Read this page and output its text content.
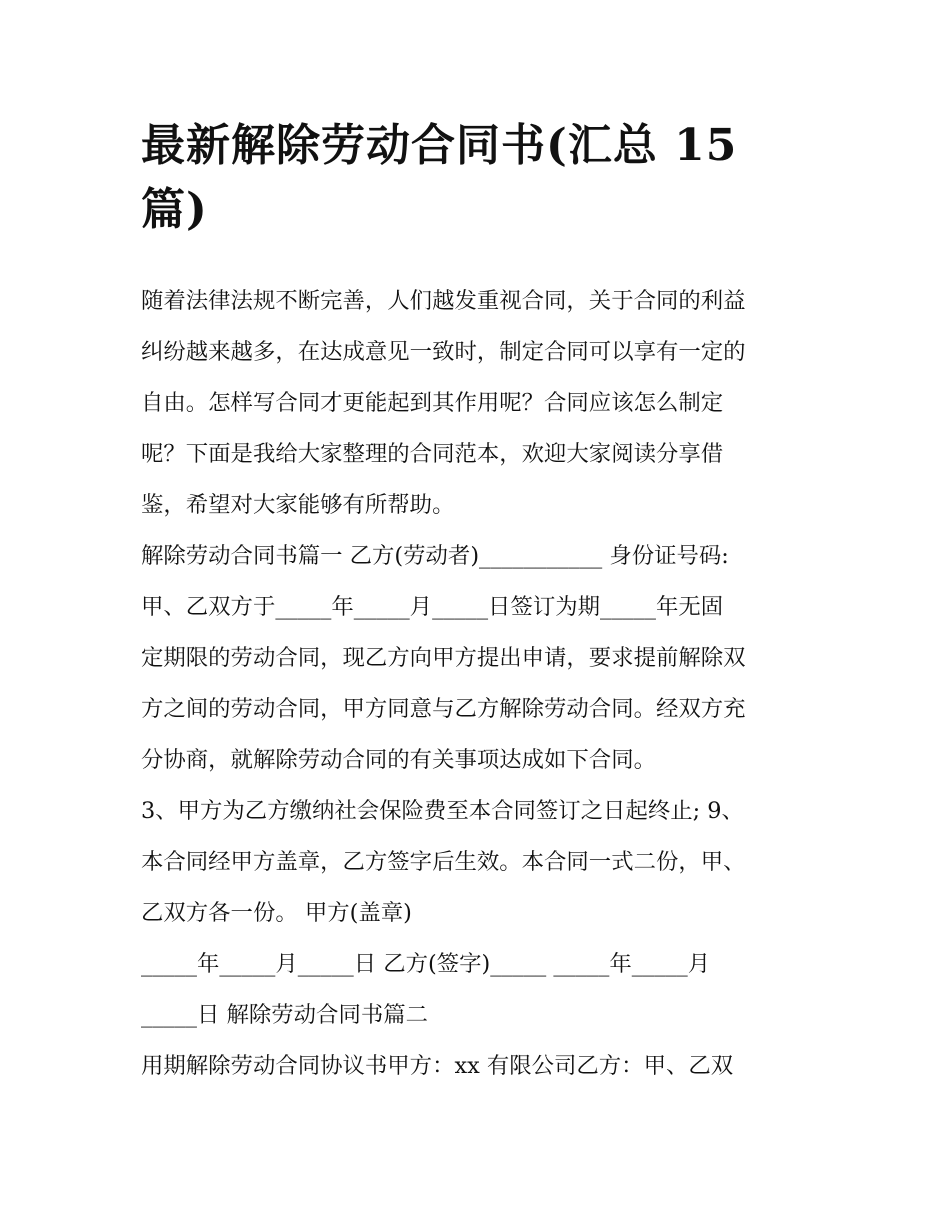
最新解除劳动合同书(汇总 15
篇)
随着法律法规不断完善，人们越发重视合同，关于合同的利益
纠纷越来越多，在达成意见一致时，制定合同可以享有一定的
自由。怎样写合同才更能起到其作用呢？合同应该怎么制定
呢？下面是我给大家整理的合同范本，欢迎大家阅读分享借
鉴，希望对大家能够有所帮助。
解除劳动合同书篇一 乙方(劳动者)___________ 身份证号码:
甲、乙双方于_____年_____月_____日签订为期_____年无固
定期限的劳动合同，现乙方向甲方提出申请，要求提前解除双
方之间的劳动合同，甲方同意与乙方解除劳动合同。经双方充
分协商，就解除劳动合同的有关事项达成如下合同。
3、甲方为乙方缴纳社会保险费至本合同签订之日起终止; 9、
本合同经甲方盖章，乙方签字后生效。本合同一式二份，甲、
乙双方各一份。 甲方(盖章)
_____年_____月_____日 乙方(签字)_____ _____年_____月
_____日 解除劳动合同书篇二
用期解除劳动合同协议书甲方：xx 有限公司乙方：甲、乙双
